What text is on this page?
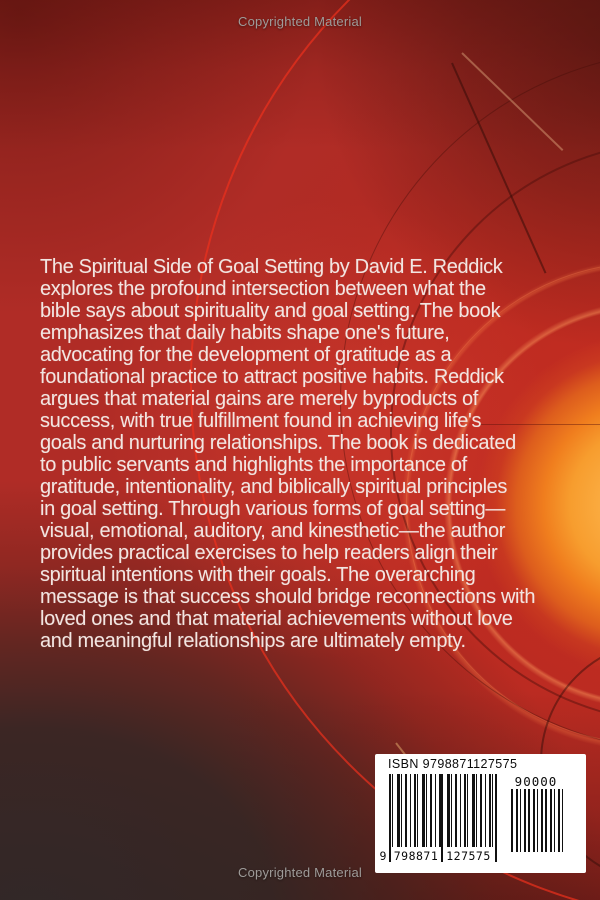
Copyrighted Material
The Spiritual Side of Goal Setting by David E. Reddick
explores the profound intersection between what the
bible says about spirituality and goal setting. The book
emphasizes that daily habits shape one's future,
advocating for the development of gratitude as a
foundational practice to attract positive habits. Reddick
argues that material gains are merely byproducts of
success, with true fulfillment found in achieving life's
goals and nurturing relationships. The book is dedicated
to public servants and highlights the importance of
gratitude, intentionality, and biblically spiritual principles
in goal setting. Through various forms of goal setting—
visual, emotional, auditory, and kinesthetic—the author
provides practical exercises to help readers align their
spiritual intentions with their goals. The overarching
message is that success should bridge reconnections with
loved ones and that material achievements without love
and meaningful relationships are ultimately empty.
ISBN 9798871127575
9 798871 127575
90000
Copyrighted Material
